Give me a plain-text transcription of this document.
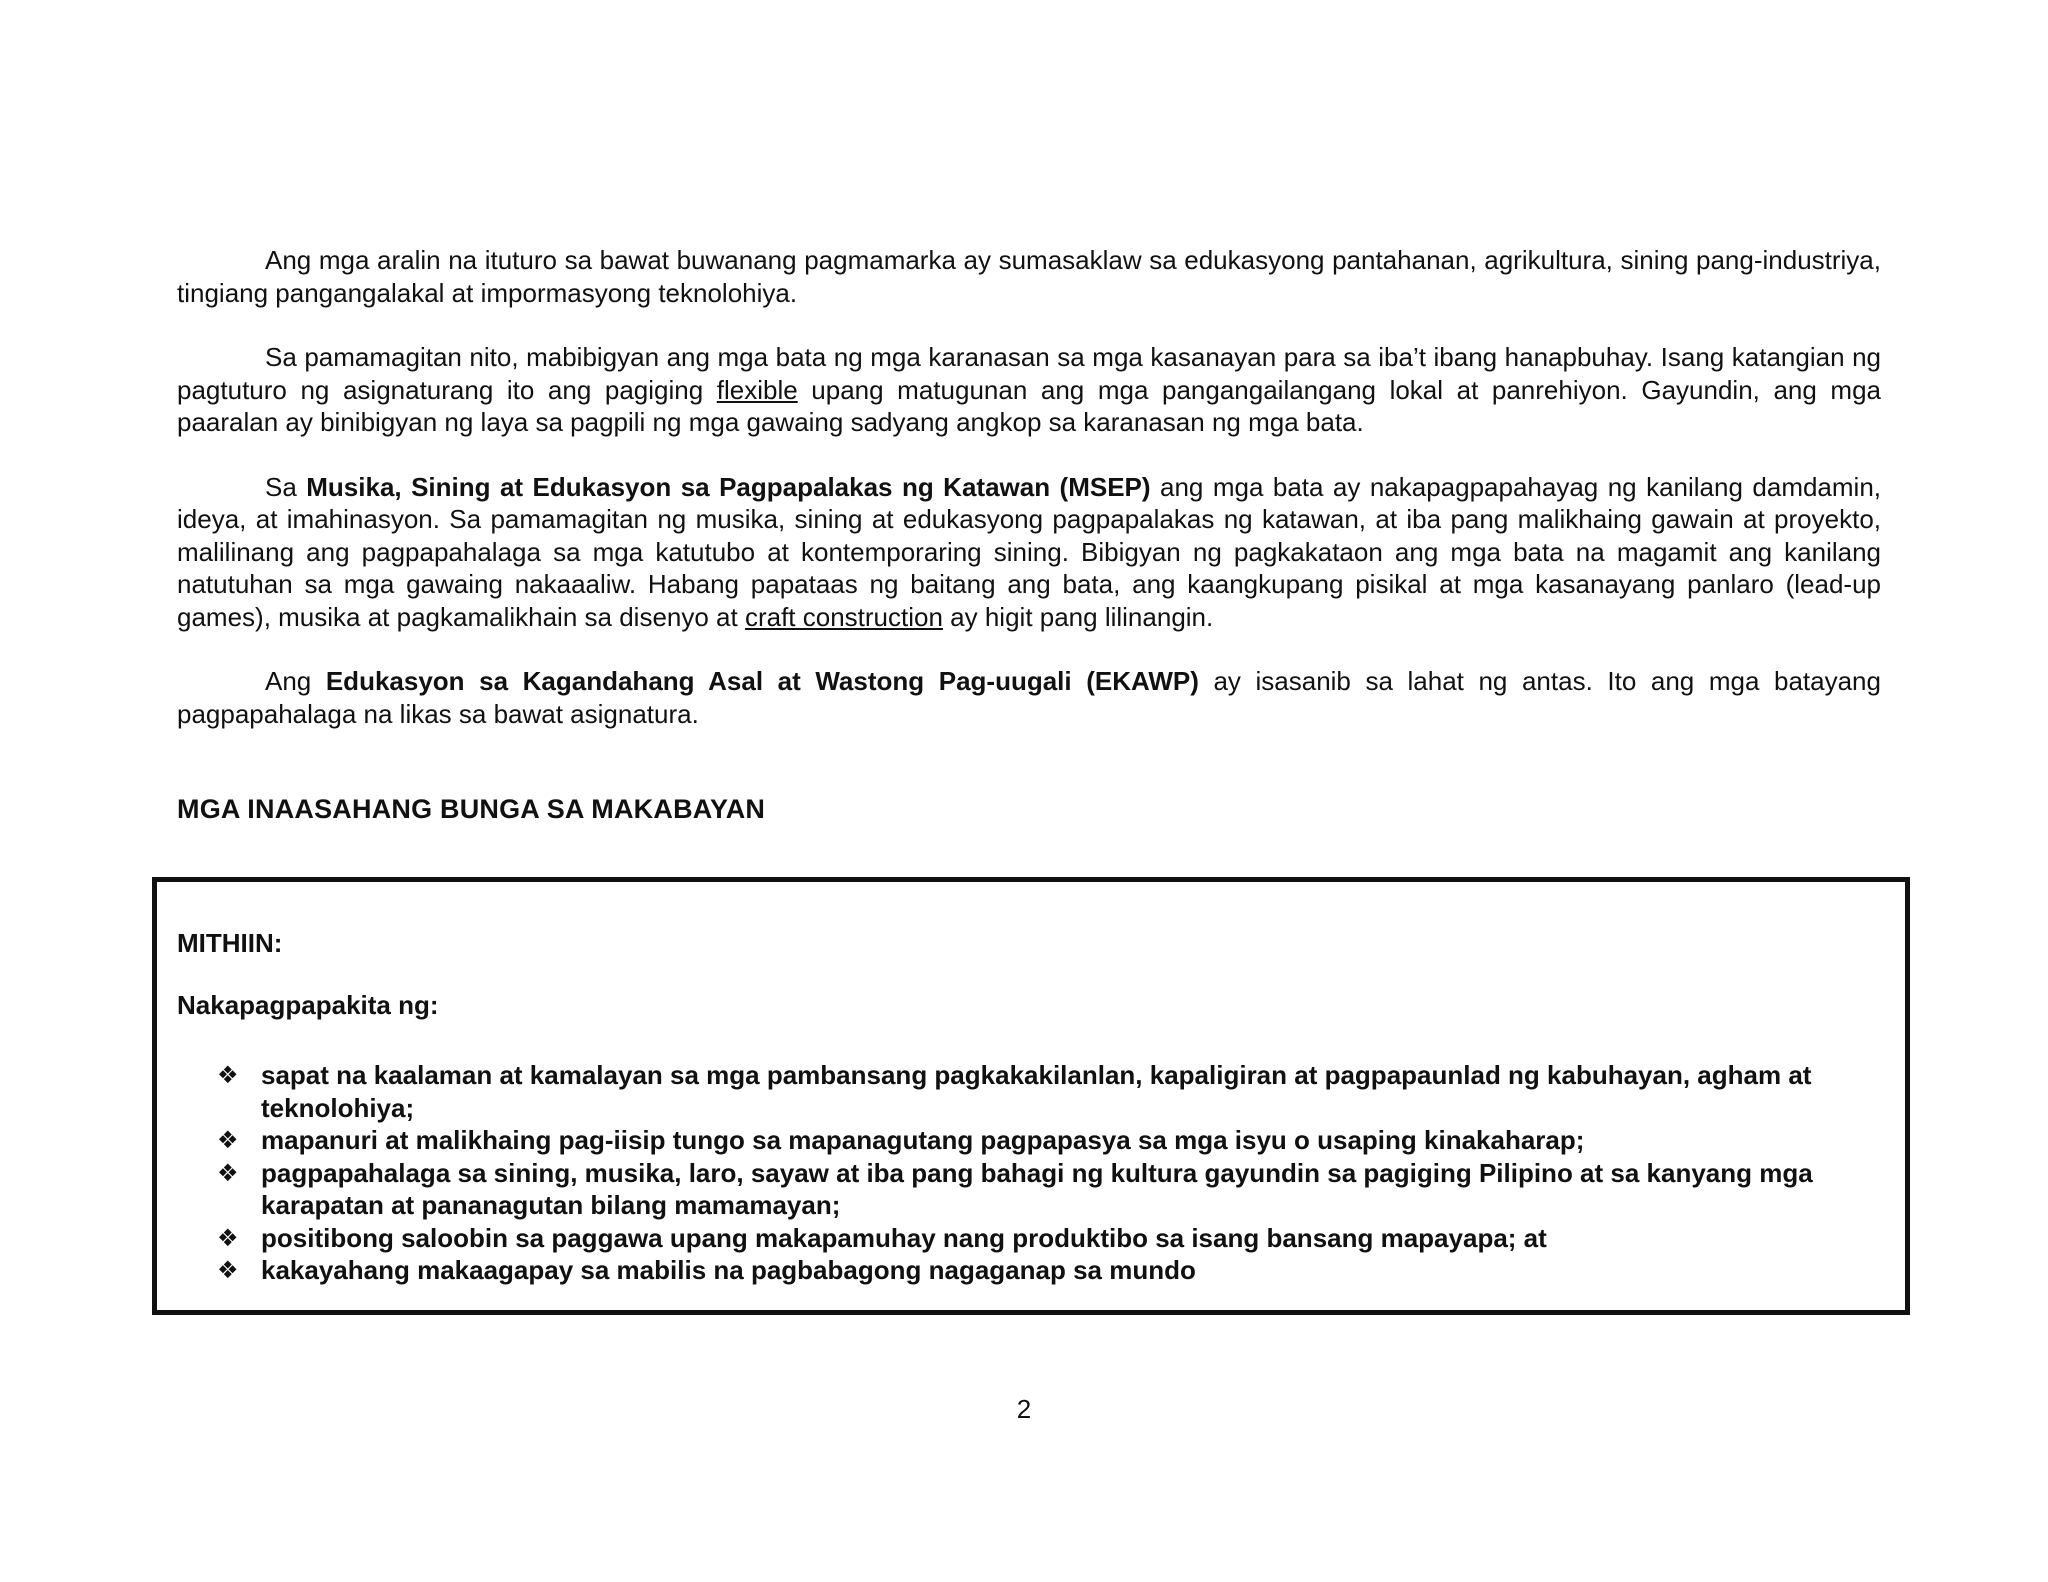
Ang mga aralin na ituturo sa bawat buwanang pagmamarka ay sumasaklaw sa edukasyong pantahanan, agrikultura, sining pang-industriya, tingiang pangangalakal at impormasyong teknolohiya.

Sa pamamagitan nito, mabibigyan ang mga bata ng mga karanasan sa mga kasanayan para sa iba’t ibang hanapbuhay. Isang katangian ng pagtuturo ng asignaturang ito ang pagiging flexible upang matugunan ang mga pangangailangang lokal at panrehiyon. Gayundin, ang mga paaralan ay binibigyan ng laya sa pagpili ng mga gawaing sadyang angkop sa karanasan ng mga bata.

Sa Musika, Sining at Edukasyon sa Pagpapalakas ng Katawan (MSEP) ang mga bata ay nakapagpapahayag ng kanilang damdamin, ideya, at imahinasyon. Sa pamamagitan ng musika, sining at edukasyong pagpapalakas ng katawan, at iba pang malikhaing gawain at proyekto, malilinang ang pagpapahalaga sa mga katutubo at kontemporaring sining. Bibigyan ng pagkakataon ang mga bata na magamit ang kanilang natutuhan sa mga gawaing nakaaaliw. Habang papataas ng baitang ang bata, ang kaangkupang pisikal at mga kasanayang panlaro (lead-up games), musika at pagkamalikhain sa disenyo at craft construction ay higit pang lilinangin.

Ang Edukasyon sa Kagandahang Asal at Wastong Pag-uugali (EKAWP) ay isasanib sa lahat ng antas. Ito ang mga batayang pagpapahalaga na likas sa bawat asignatura.

MGA INAASAHANG BUNGA SA MAKABAYAN

MITHIIN:

Nakapagpapakita ng:

❖ sapat na kaalaman at kamalayan sa mga pambansang pagkakakilanlan, kapaligiran at pagpapaunlad ng kabuhayan, agham at teknolohiya;
❖ mapanuri at malikhaing pag-iisip tungo sa mapanagutang pagpapasya sa mga isyu o usaping kinakaharap;
❖ pagpapahalaga sa sining, musika, laro, sayaw at iba pang bahagi ng kultura gayundin sa pagiging Pilipino at sa kanyang mga karapatan at pananagutan bilang mamamayan;
❖ positibong saloobin sa paggawa upang makapamuhay nang produktibo sa isang bansang mapayapa; at
❖ kakayahang makaagapay sa mabilis na pagbabagong nagaganap sa mundo
2
